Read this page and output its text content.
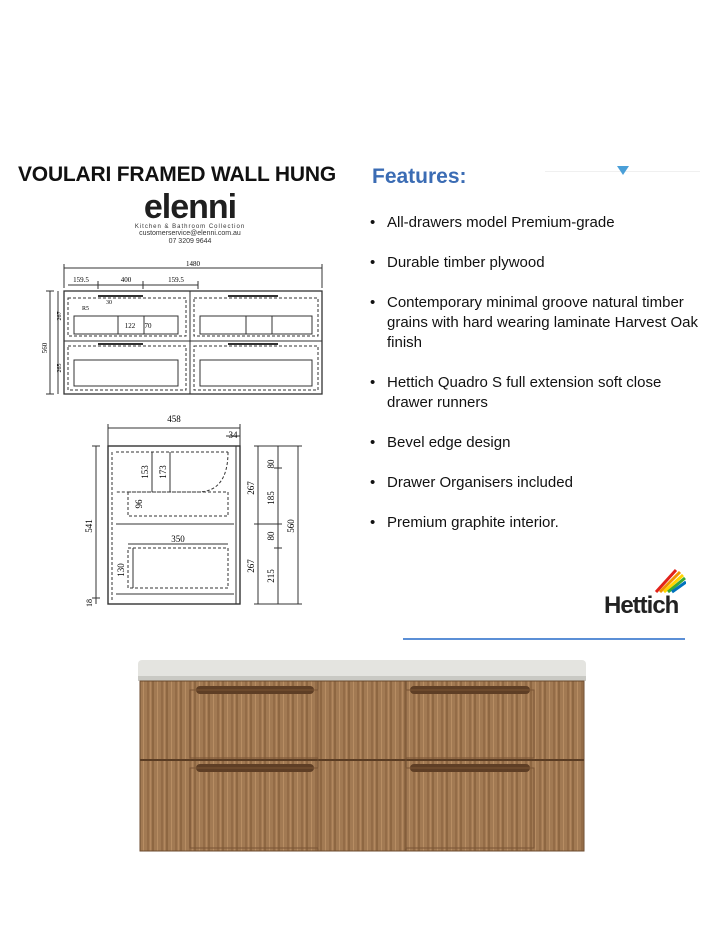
VOULARI FRAMED WALL HUNG Features:
elenni
Kitchen & Bathroom Collection
customerservice@elenni.com.au
07 3209 9644
• All-drawers model Premium-grade
• Durable timber plywood
• Contemporary minimal groove natural timber grains with hard wearing laminate Harvest Oak finish
• Hettich Quadro S full extension soft close drawer runners
• Bevel edge design
• Drawer Organisers included
• Premium graphite interior.
1480
159.5	400	159.5
122 70
R5
30
560
267
265
458
34
153 173
96
350
130
541
18
80
267
185
80
267
215
560
Hettich
